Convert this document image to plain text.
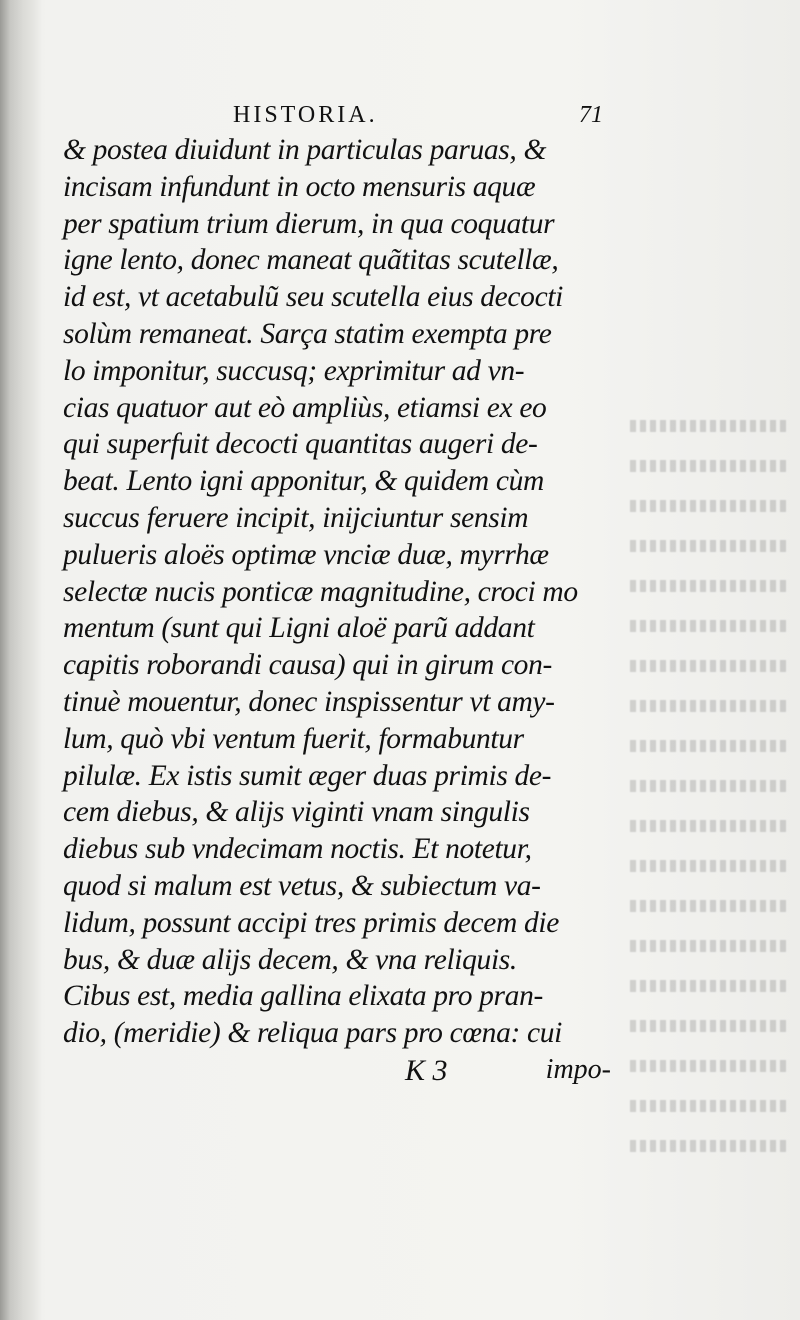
HISTORIA.	71
& postea diuidunt in particulas paruas, &
incisam infundunt in octo mensuris aquæ
per spatium trium dierum, in qua coquatur
igne lento, donec maneat quãtitas scutellæ,
id est, vt acetabulũ seu scutella eius decocti
solùm remaneat. Sarça statim exempta pre
lo imponitur, succusq; exprimitur ad vn-
cias quatuor aut eò ampliùs, etiamsi ex eo
qui superfuit decocti quantitas augeri de-
beat. Lento igni apponitur, & quidem cùm
succus feruere incipit, inijciuntur sensim
pulueris aloës optimæ vnciæ duæ, myrrhæ
selectæ nucis ponticæ magnitudine, croci mo
mentum (sunt qui Ligni aloë parũ addant
capitis roborandi causa) qui in girum con-
tinuè mouentur, donec inspissentur vt amy-
lum, quò vbi ventum fuerit, formabuntur
pilulæ. Ex istis sumit æger duas primis de-
cem diebus, & alijs viginti vnam singulis
diebus sub vndecimam noctis. Et notetur,
quod si malum est vetus, & subiectum va-
lidum, possunt accipi tres primis decem die
bus, & duæ alijs decem, & vna reliquis.
Cibus est, media gallina elixata pro pran-
dio, (meridie) & reliqua pars pro cœna: cui
K 3	impo-
